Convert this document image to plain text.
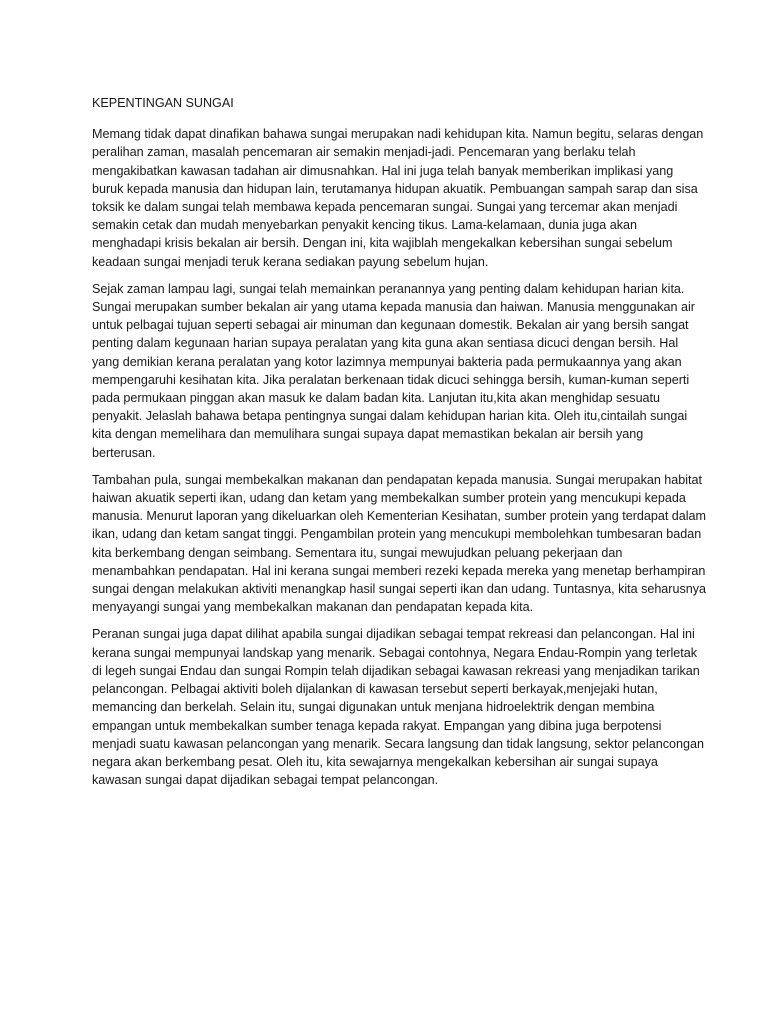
KEPENTINGAN SUNGAI

Memang tidak dapat dinafikan bahawa sungai merupakan nadi kehidupan kita. Namun begitu, selaras dengan peralihan zaman, masalah pencemaran air semakin menjadi-jadi. Pencemaran yang berlaku telah mengakibatkan kawasan tadahan air dimusnahkan. Hal ini juga telah banyak memberikan implikasi yang buruk kepada manusia dan hidupan lain, terutamanya hidupan akuatik. Pembuangan sampah sarap dan sisa toksik ke dalam sungai telah membawa kepada pencemaran sungai. Sungai yang tercemar akan menjadi semakin cetak dan mudah menyebarkan penyakit kencing tikus. Lama-kelamaan, dunia juga akan menghadapi krisis bekalan air bersih. Dengan ini, kita wajiblah mengekalkan kebersihan sungai sebelum keadaan sungai menjadi teruk kerana sediakan payung sebelum hujan.

Sejak zaman lampau lagi, sungai telah memainkan peranannya yang penting dalam kehidupan harian kita. Sungai merupakan sumber bekalan air yang utama kepada manusia dan haiwan. Manusia menggunakan air untuk pelbagai tujuan seperti sebagai air minuman dan kegunaan domestik. Bekalan air yang bersih sangat penting dalam kegunaan harian supaya peralatan yang kita guna akan sentiasa dicuci dengan bersih. Hal yang demikian kerana peralatan yang kotor lazimnya mempunyai bakteria pada permukaannya yang akan mempengaruhi kesihatan kita. Jika peralatan berkenaan tidak dicuci sehingga bersih, kuman-kuman seperti pada permukaan pinggan akan masuk ke dalam badan kita. Lanjutan itu,kita akan menghidap sesuatu penyakit. Jelaslah bahawa betapa pentingnya sungai dalam kehidupan harian kita. Oleh itu,cintailah sungai kita dengan memelihara dan memulihara sungai supaya dapat memastikan bekalan air bersih yang berterusan.

Tambahan pula, sungai membekalkan makanan dan pendapatan kepada manusia. Sungai merupakan habitat haiwan akuatik seperti ikan, udang dan ketam yang membekalkan sumber protein yang mencukupi kepada manusia. Menurut laporan yang dikeluarkan oleh Kementerian Kesihatan, sumber protein yang terdapat dalam ikan, udang dan ketam sangat tinggi. Pengambilan protein yang mencukupi membolehkan tumbesaran badan kita berkembang dengan seimbang. Sementara itu, sungai mewujudkan peluang pekerjaan dan menambahkan pendapatan. Hal ini kerana sungai memberi rezeki kepada mereka yang menetap berhampiran sungai dengan melakukan aktiviti menangkap hasil sungai seperti ikan dan udang. Tuntasnya, kita seharusnya menyayangi sungai yang membekalkan makanan dan pendapatan kepada kita.

Peranan sungai juga dapat dilihat apabila sungai dijadikan sebagai tempat rekreasi dan pelancongan. Hal ini kerana sungai mempunyai landskap yang menarik. Sebagai contohnya, Negara Endau-Rompin yang terletak di legeh sungai Endau dan sungai Rompin telah dijadikan sebagai kawasan rekreasi yang menjadikan tarikan pelancongan. Pelbagai aktiviti boleh dijalankan di kawasan tersebut seperti berkayak,menjejaki hutan, memancing dan berkelah. Selain itu, sungai digunakan untuk menjana hidroelektrik dengan membina empangan untuk membekalkan sumber tenaga kepada rakyat. Empangan yang dibina juga berpotensi menjadi suatu kawasan pelancongan yang menarik. Secara langsung dan tidak langsung, sektor pelancongan negara akan berkembang pesat. Oleh itu, kita sewajarnya mengekalkan kebersihan air sungai supaya kawasan sungai dapat dijadikan sebagai tempat pelancongan.
